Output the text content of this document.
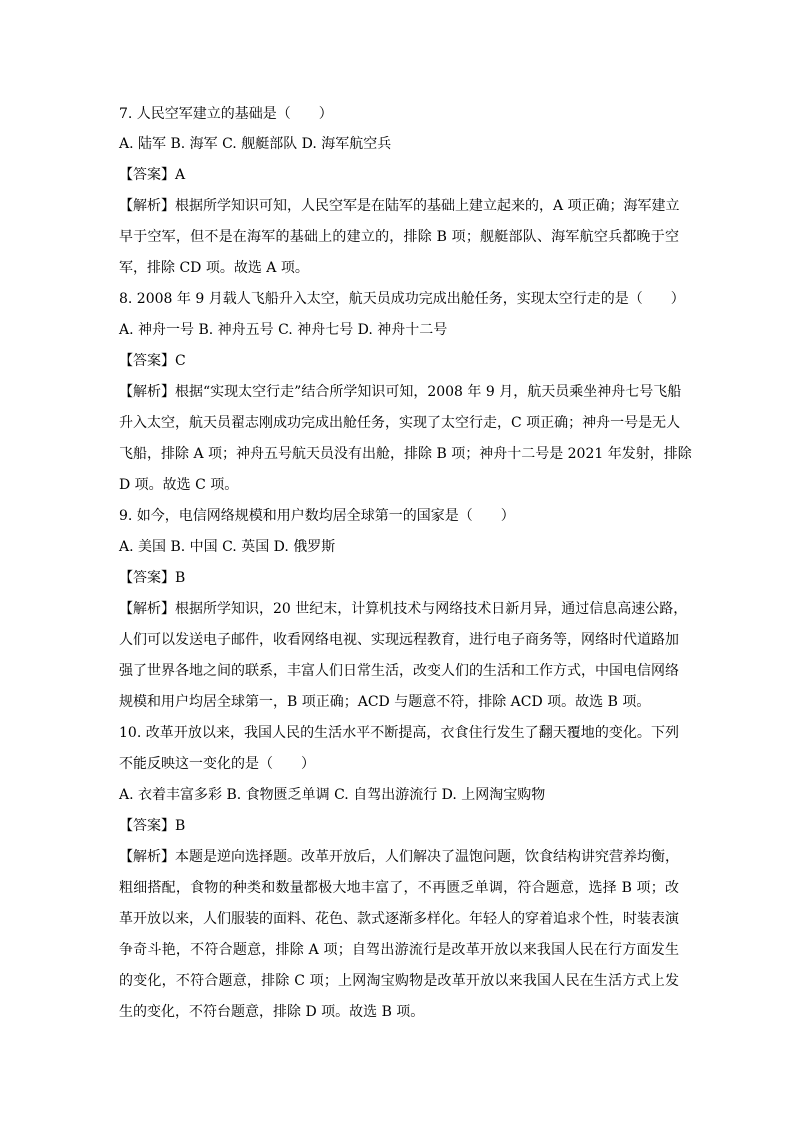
7. 人民空军建立的基础是（　　）
A. 陆军 B. 海军 C. 舰艇部队 D. 海军航空兵
【答案】A
【解析】根据所学知识可知，人民空军是在陆军的基础上建立起来的，A 项正确；海军建立
早于空军，但不是在海军的基础上的建立的，排除 B 项；舰艇部队、海军航空兵都晚于空
军，排除 CD 项。故选 A 项。
8. 2008 年 9 月载人飞船升入太空，航天员成功完成出舱任务，实现太空行走的是（　　）
A. 神舟一号 B. 神舟五号 C. 神舟七号 D. 神舟十二号
【答案】C
【解析】根据“实现太空行走”结合所学知识可知，2008 年 9 月，航天员乘坐神舟七号飞船
升入太空，航天员翟志刚成功完成出舱任务，实现了太空行走，C 项正确；神舟一号是无人
飞船，排除 A 项；神舟五号航天员没有出舱，排除 B 项；神舟十二号是 2021 年发射，排除
D 项。故选 C 项。
9. 如今，电信网络规模和用户数均居全球第一的国家是（　　）
A. 美国 B. 中国 C. 英国 D. 俄罗斯
【答案】B
【解析】根据所学知识，20 世纪末，计算机技术与网络技术日新月异，通过信息高速公路，
人们可以发送电子邮件，收看网络电视、实现远程教育，进行电子商务等，网络时代道路加
强了世界各地之间的联系，丰富人们日常生活，改变人们的生活和工作方式，中国电信网络
规模和用户均居全球第一，B 项正确；ACD 与题意不符，排除 ACD 项。故选 B 项。
10. 改革开放以来，我国人民的生活水平不断提高，衣食住行发生了翻天覆地的变化。下列
不能反映这一变化的是（　　）
A. 衣着丰富多彩 B. 食物匮乏单调 C. 自驾出游流行 D. 上网淘宝购物
【答案】B
【解析】本题是逆向选择题。改革开放后，人们解决了温饱问题，饮食结构讲究营养均衡，
粗细搭配，食物的种类和数量都极大地丰富了，不再匮乏单调，符合题意，选择 B 项；改
革开放以来，人们服装的面料、花色、款式逐渐多样化。年轻人的穿着追求个性，时装表演
争奇斗艳，不符合题意，排除 A 项；自驾出游流行是改革开放以来我国人民在行方面发生
的变化，不符合题意，排除 C 项；上网淘宝购物是改革开放以来我国人民在生活方式上发
生的变化，不符台题意，排除 D 项。故选 B 项。
